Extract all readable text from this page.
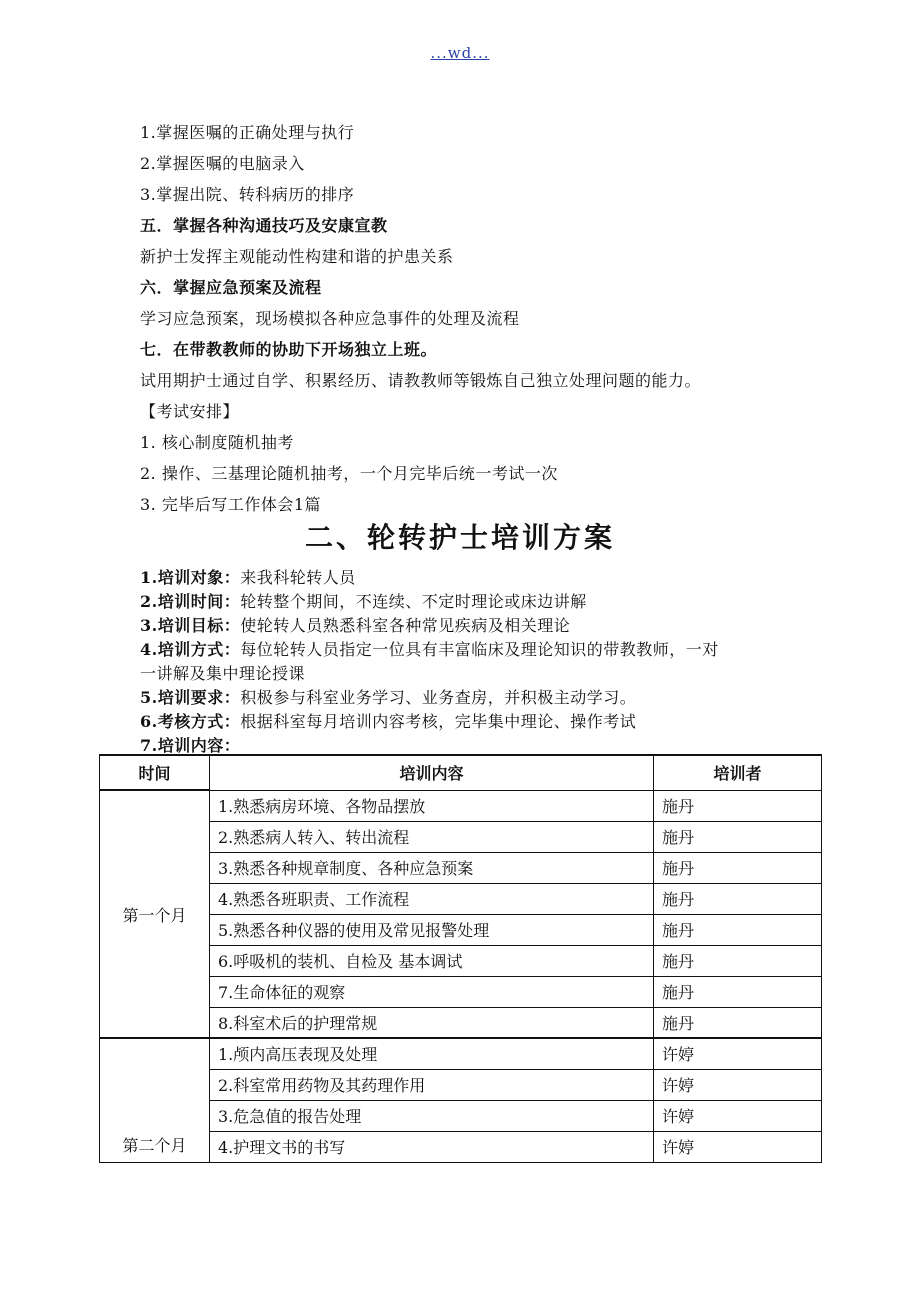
...wd...
1.掌握医嘱的正确处理与执行
2.掌握医嘱的电脑录入
3.掌握出院、转科病历的排序
五．掌握各种沟通技巧及安康宣教
新护士发挥主观能动性构建和谐的护患关系
六．掌握应急预案及流程
学习应急预案，现场模拟各种应急事件的处理及流程
七．在带教教师的协助下开场独立上班。
试用期护士通过自学、积累经历、请教教师等锻炼自己独立处理问题的能力。
【考试安排】
1. 核心制度随机抽考
2. 操作、三基理论随机抽考，一个月完毕后统一考试一次
3. 完毕后写工作体会1篇
二、轮转护士培训方案
1.培训对象：来我科轮转人员
2.培训时间：轮转整个期间，不连续、不定时理论或床边讲解
3.培训目标：使轮转人员熟悉科室各种常见疾病及相关理论
4.培训方式：每位轮转人员指定一位具有丰富临床及理论知识的带教教师，一对
一讲解及集中理论授课
5.培训要求：积极参与科室业务学习、业务查房，并积极主动学习。
6.考核方式：根据科室每月培训内容考核，完毕集中理论、操作考试
7.培训内容：
时间	培训内容	培训者
第一个月	1.熟悉病房环境、各物品摆放	施丹
	2.熟悉病人转入、转出流程	施丹
	3.熟悉各种规章制度、各种应急预案	施丹
	4.熟悉各班职责、工作流程	施丹
	5.熟悉各种仪器的使用及常见报警处理	施丹
	6.呼吸机的装机、自检及 基本调试	施丹
	7.生命体征的观察	施丹
	8.科室术后的护理常规	施丹
第二个月	1.颅内高压表现及处理	许婷
	2.科室常用药物及其药理作用	许婷
	3.危急值的报告处理	许婷
	4.护理文书的书写	许婷
